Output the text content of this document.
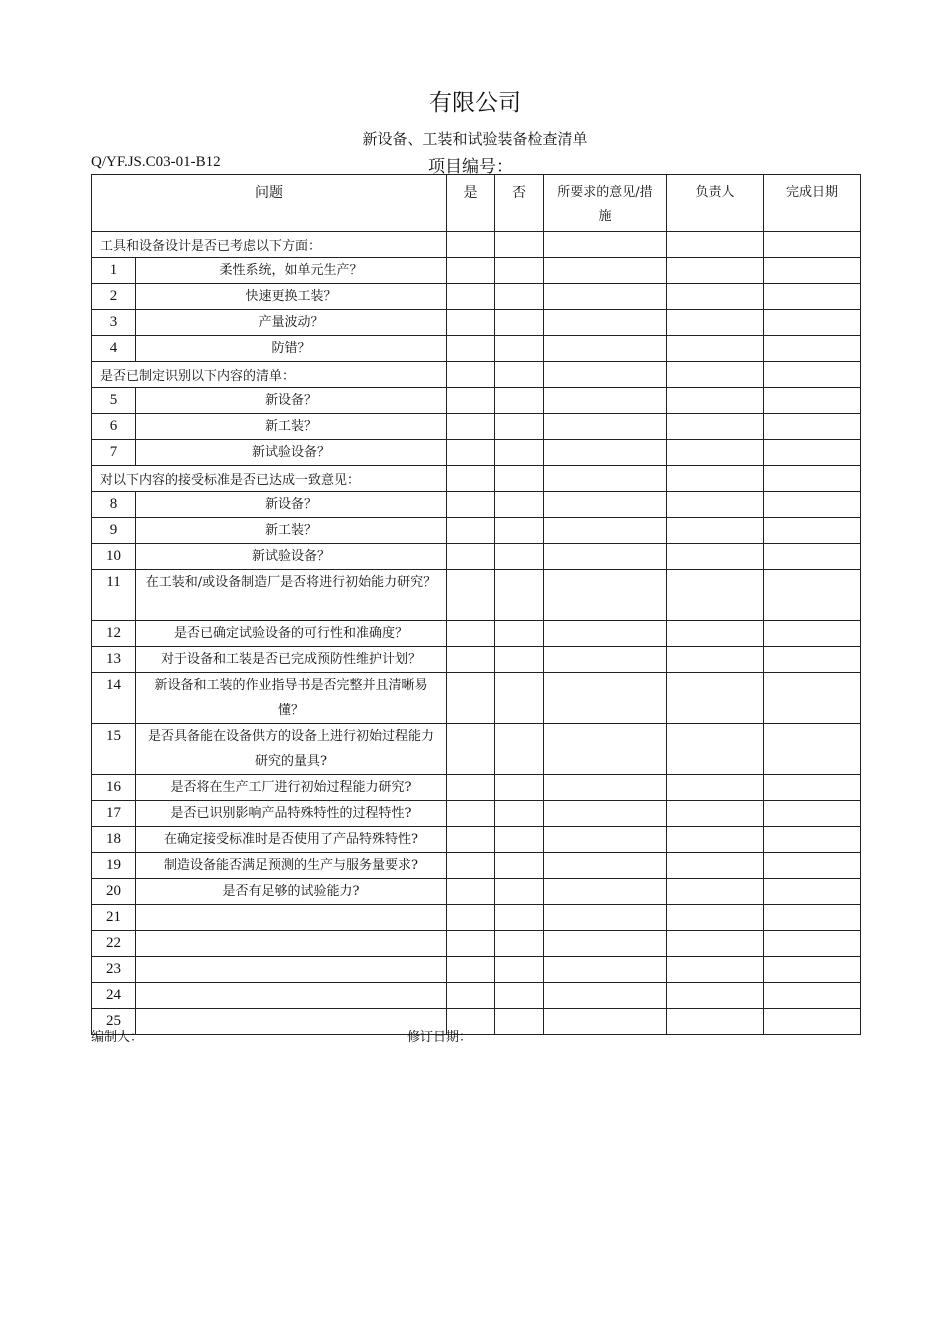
有限公司
新设备、工装和试验装备检查清单
Q/YF.JS.C03-01-B12	项目编号：
问题		是	否	所要求的意见/措施	负责人	完成日期
工具和设备设计是否已考虑以下方面：						
1	柔性系统，如单元生产？					
2	快速更换工装？					
3	产量波动？					
4	防错？					
是否已制定识别以下内容的清单：						
5	新设备？					
6	新工装？					
7	新试验设备？					
对以下内容的接受标准是否已达成一致意见：						
8	新设备？					
9	新工装？					
10	新试验设备？					
11	在工装和/或设备制造厂是否将进行初始能力研究？					
12	是否已确定试验设备的可行性和准确度？					
13	对于设备和工装是否已完成预防性维护计划？					
14	新设备和工装的作业指导书是否完整并且清晰易懂？					
15	是否具备能在设备供方的设备上进行初始过程能力研究的量具?					
16	是否将在生产工厂进行初始过程能力研究?					
17	是否已识别影响产品特殊特性的过程特性?					
18	在确定接受标准时是否使用了产品特殊特性?					
19	制造设备能否满足预测的生产与服务量要求?					
20	是否有足够的试验能力?					
21						
22						
23						
24						
25						
编制人：	修订日期：
